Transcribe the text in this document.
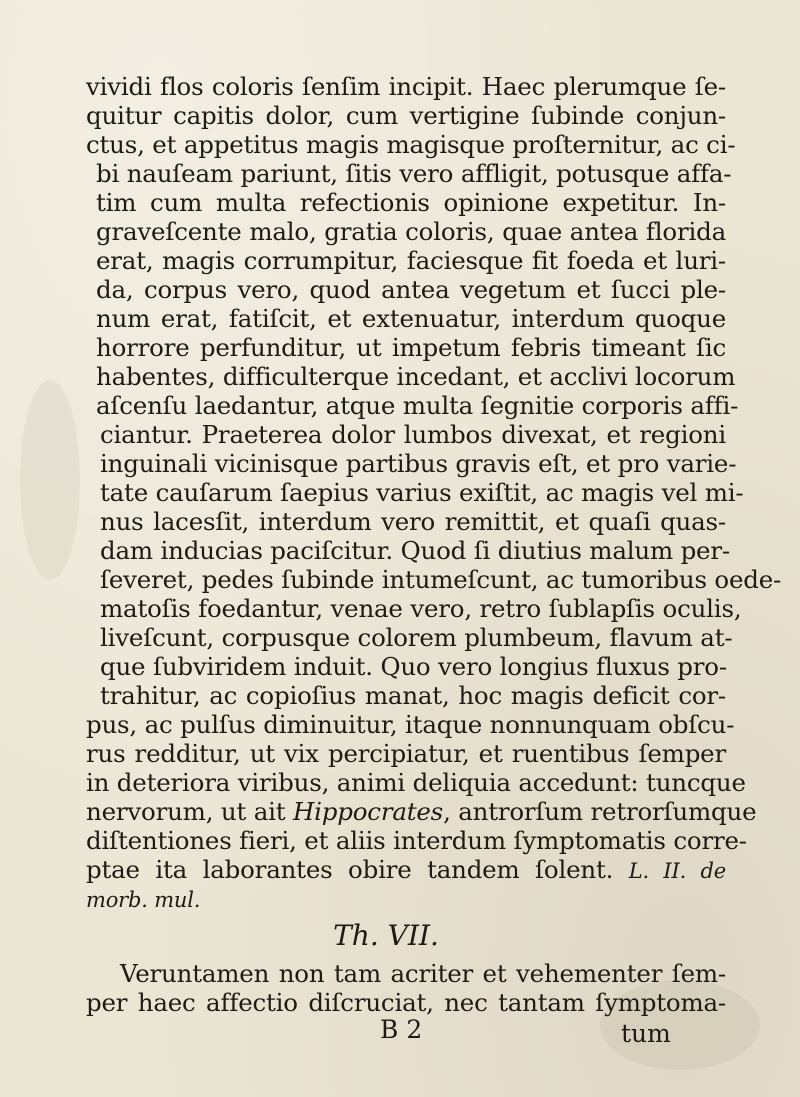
vividi flos coloris ſenſim incipit. Haec plerumque ſe-
quitur capitis dolor, cum vertigine ſubinde conjun-
ctus, et appetitus magis magisque proſternitur, ac ci-
bi nauſeam pariunt, ſitis vero affligit, potusque affa-
tim cum multa refectionis opinione expetitur. In-
graveſcente malo, gratia coloris, quae antea florida
erat, magis corrumpitur, faciesque fit foeda et luri-
da, corpus vero, quod antea vegetum et ſucci ple-
num erat, fatiſcit, et extenuatur, interdum quoque
horrore perfunditur, ut impetum febris timeant ſic
habentes, difficulterque incedant, et acclivi locorum
aſcenſu laedantur, atque multa ſegnitie corporis affi-
ciantur. Praeterea dolor lumbos divexat, et regioni
inguinali vicinisque partibus gravis eſt, et pro varie-
tate cauſarum ſaepius varius exiſtit, ac magis vel mi-
nus lacesſit, interdum vero remittit, et quaſi quas-
dam inducias paciſcitur. Quod ſi diutius malum per-
ſeveret, pedes ſubinde intumeſcunt, ac tumoribus oede-
matoſis foedantur, venae vero, retro ſublapſis oculis,
liveſcunt, corpusque colorem plumbeum, flavum at-
que ſubviridem induit. Quo vero longius fluxus pro-
trahitur, ac copioſius manat, hoc magis deficit cor-
pus, ac pulſus diminuitur, itaque nonnunquam obſcu-
rus redditur, ut vix percipiatur, et ruentibus ſemper
in deteriora viribus, animi deliquia accedunt: tuncque
nervorum, ut ait Hippocrates, antrorſum retrorſumque
diſtentiones fieri, et aliis interdum ſymptomatis corre-
ptae ita laborantes obire tandem ſolent. L. II. de
morb. mul.
Th. VII.
Veruntamen non tam acriter et vehementer ſem-
per haec affectio diſcruciat, nec tantam ſymptoma-
B 2	tum
